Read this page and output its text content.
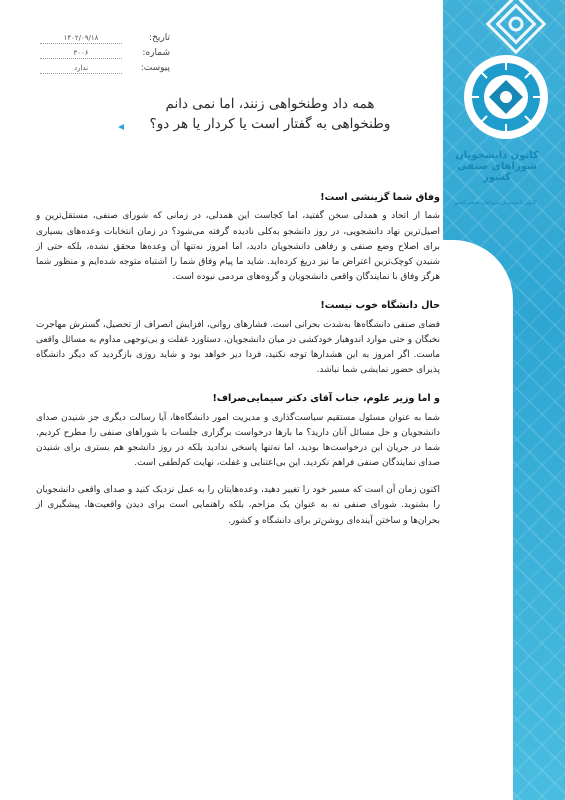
کانون دانشجویان شوراهای صنفی کشور
کانون دانشجویان شوراهای صنفی کشور
تاریخ:
۱۴۰۲/۰۹/۱۸
شماره:
۳۰۰۶
پیوست:
ندارد
همه داد وطنخواهی زنند، اما نمی دانم
وطنخواهی به گفتار است یا کردار یا هر دو؟
وفاق شما گزینشی است!

شما از اتحاد و همدلی سخن گفتید، اما کجاست این همدلی، در زمانی که شورای صنفی، مستقل‌ترین و اصیل‌ترین نهاد دانشجویی، در روز دانشجو به‌کلی نادیده گرفته می‌شود؟ در زمان انتخابات وعده‌های بسیاری برای اصلاح وضع صنفی و رفاهی دانشجویان دادید، اما امروز نه‌تنها آن وعده‌ها محقق نشده، بلکه حتی از شنیدن کوچک‌ترین اعتراض ما نیز دریغ کرده‌اید. شاید ما پیام وفاق شما را اشتباه متوجه شده‌ایم و منظور شما هرگز وفاق با نمایندگان واقعی دانشجویان و گروه‌های مردمی نبوده است.

حال دانشگاه خوب نیست!

فضای صنفی دانشگاه‌ها به‌شدت بحرانی است. فشارهای روانی، افزایش انصراف از تحصیل، گسترش مهاجرت نخبگان و حتی موارد اندوهبار خودکشی در میان دانشجویان، دستاورد غفلت و بی‌توجهی مداوم به مسائل واقعی ماست. اگر امروز به این هشدارها توجه نکنید، فردا دیر خواهد بود و شاید روزی بازگردید که دیگر دانشگاه پذیرای حضور نمایشی شما نباشد.

و اما وزیر علوم، جناب آقای دکتر سیمایی‌صراف!

شما به عنوان مسئول مستقیم سیاست‌گذاری و مدیریت امور دانشگاه‌ها، آیا رسالت دیگری جز شنیدن صدای دانشجویان و حل مسائل آنان دارید؟ ما بارها درخواست برگزاری جلسات با شوراهای صنفی را مطرح کردیم. شما در جریان این درخواست‌ها بودید، اما نه‌تنها پاسخی ندادید بلکه در روز دانشجو هم بستری برای شنیدن صدای نمایندگان صنفی فراهم نکردید. این بی‌اعتنایی و غفلت، نهایت کم‌لطفی است.

اکنون زمان آن است که مسیر خود را تغییر دهید، وعده‌هایتان را به عمل نزدیک کنید و صدای واقعی دانشجویان را بشنوید. شورای صنفی نه به عنوان یک مزاحم، بلکه راهنمایی است برای دیدن واقعیت‌ها، پیشگیری از بحران‌ها و ساختن آینده‌ای روشن‌تر برای دانشگاه و کشور.
